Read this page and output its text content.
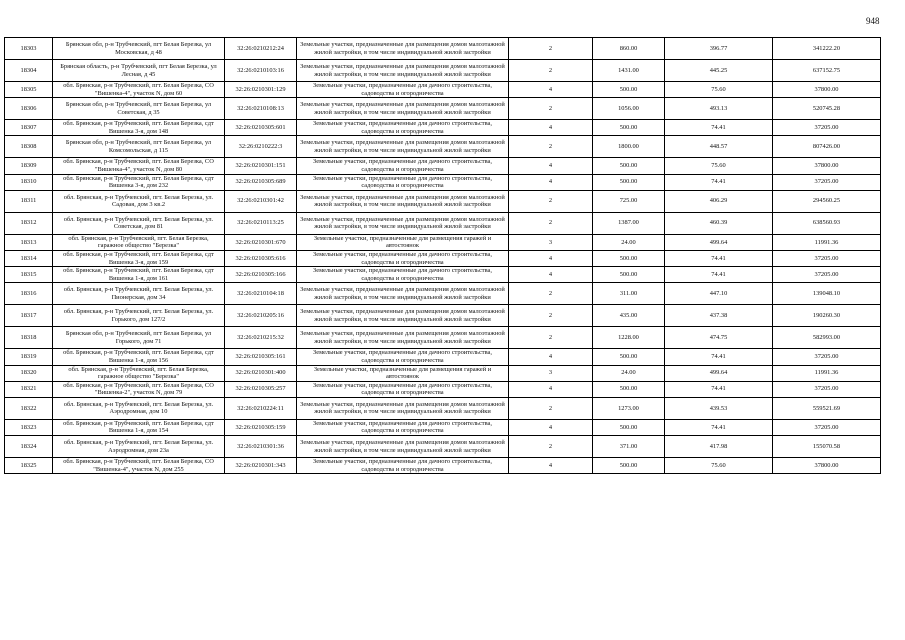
948
18303	Брянская обл, р-н Трубчевский, пгт Белая Березка, ул Московская, д 48	32:26:0210212:24	Земельные участки, предназначенные для размещения домов малоэтажной жилой застройки, в том числе индивидуальной жилой застройки	2	860.00	396.77	341222.20
18304	Брянская область, р-н Трубчевский, пгт Белая Березка, ул Лесная, д 45	32:26:0210103:16	Земельные участки, предназначенные для размещения домов малоэтажной жилой застройки, в том числе индивидуальной жилой застройки	2	1431.00	445.25	637152.75
18305	обл. Брянская, р-н Трубчевский, пгт. Белая Березка, СО "Вишенка-4", участок N, дом 60	32:26:0210301:129	Земельные участки, предназначенные для дачного строительства, садоводства и огородничества	4	500.00	75.60	37800.00
18306	Брянская обл, р-н Трубчевский, пгт Белая Березка, ул Советская, д 35	32:26:0210108:13	Земельные участки, предназначенные для размещения домов малоэтажной жилой застройки, в том числе индивидуальной жилой застройки	2	1056.00	493.13	520745.28
18307	обл. Брянская, р-н Трубчевский, пгт. Белая Березка, сдт Вишенка 3-я, дом 148	32:26:0210305:601	Земельные участки, предназначенные для дачного строительства, садоводства и огородничества	4	500.00	74.41	37205.00
18308	Брянская обл, р-н Трубчевский, пгт Белая Березка, ул Комсомольская, д 115	32:26:0210222:3	Земельные участки, предназначенные для размещения домов малоэтажной жилой застройки, в том числе индивидуальной жилой застройки	2	1800.00	448.57	807426.00
18309	обл. Брянская, р-н Трубчевский, пгт. Белая Березка, СО "Вишенка-4", участок N, дом 80	32:26:0210301:151	Земельные участки, предназначенные для дачного строительства, садоводства и огородничества	4	500.00	75.60	37800.00
18310	обл. Брянская, р-н Трубчевский, пгт. Белая Березка, сдт Вишенка 3-я, дом 232	32:26:0210305:689	Земельные участки, предназначенные для дачного строительства, садоводства и огородничества	4	500.00	74.41	37205.00
18311	обл. Брянская, р-н Трубчевский, пгт. Белая Березка, ул. Садовая, дом 3 кв.2	32:26:0210301:42	Земельные участки, предназначенные для размещения домов малоэтажной жилой застройки, в том числе индивидуальной жилой застройки	2	725.00	406.29	294560.25
18312	обл. Брянская, р-н Трубчевский, пгт. Белая Березка, ул. Советская, дом 81	32:26:0210113:25	Земельные участки, предназначенные для размещения домов малоэтажной жилой застройки, в том числе индивидуальной жилой застройки	2	1387.00	460.39	638560.93
18313	обл. Брянская, р-н Трубчевский, пгт. Белая Березка, гаражное общество "Березка"	32:26:0210301:670	Земельные участки, предназначенные для размещения гаражей и автостоянок	3	24.00	499.64	11991.36
18314	обл. Брянская, р-н Трубчевский, пгт. Белая Березка, сдт Вишенка 3-я, дом 159	32:26:0210305:616	Земельные участки, предназначенные для дачного строительства, садоводства и огородничества	4	500.00	74.41	37205.00
18315	обл. Брянская, р-н Трубчевский, пгт. Белая Березка, сдт Вишенка 1-я, дом 161	32:26:0210305:166	Земельные участки, предназначенные для дачного строительства, садоводства и огородничества	4	500.00	74.41	37205.00
18316	обл. Брянская, р-н Трубчевский, пгт. Белая Березка, ул. Пионерская, дом 34	32:26:0210104:18	Земельные участки, предназначенные для размещения домов малоэтажной жилой застройки, в том числе индивидуальной жилой застройки	2	311.00	447.10	139048.10
18317	обл. Брянская, р-н Трубчевский, пгт. Белая Березка, ул. Горького, дом 127/2	32:26:0210205:16	Земельные участки, предназначенные для размещения домов малоэтажной жилой застройки, в том числе индивидуальной жилой застройки	2	435.00	437.38	190260.30
18318	Брянская обл, р-н Трубчевский, пгт Белая Березка, ул Горького, дом 71	32:26:0210215:32	Земельные участки, предназначенные для размещения домов малоэтажной жилой застройки, в том числе индивидуальной жилой застройки	2	1228.00	474.75	582993.00
18319	обл. Брянская, р-н Трубчевский, пгт. Белая Березка, сдт Вишенка 1-я, дом 156	32:26:0210305:161	Земельные участки, предназначенные для дачного строительства, садоводства и огородничества	4	500.00	74.41	37205.00
18320	обл. Брянская, р-н Трубчевский, пгт. Белая Березка, гаражное общество "Березка"	32:26:0210301:400	Земельные участки, предназначенные для размещения гаражей и автостоянок	3	24.00	499.64	11991.36
18321	обл. Брянская, р-н Трубчевский, пгт. Белая Березка, СО "Вишенка-2", участок N, дом 79	32:26:0210305:257	Земельные участки, предназначенные для дачного строительства, садоводства и огородничества	4	500.00	74.41	37205.00
18322	обл. Брянская, р-н Трубчевский, пгт. Белая Березка, ул. Аэродромная, дом 10	32:26:0210224:11	Земельные участки, предназначенные для размещения домов малоэтажной жилой застройки, в том числе индивидуальной жилой застройки	2	1273.00	439.53	559521.69
18323	обл. Брянская, р-н Трубчевский, пгт. Белая Березка, сдт Вишенка 1-я, дом 154	32:26:0210305:159	Земельные участки, предназначенные для дачного строительства, садоводства и огородничества	4	500.00	74.41	37205.00
18324	обл. Брянская, р-н Трубчевский, пгт. Белая Березка, ул. Аэродромная, дом 23а	32:26:0210301:36	Земельные участки, предназначенные для размещения домов малоэтажной жилой застройки, в том числе индивидуальной жилой застройки	2	371.00	417.98	155070.58
18325	обл. Брянская, р-н Трубчевский, пгт. Белая Березка, СО "Вишенка-4", участок N, дом 255	32:26:0210301:343	Земельные участки, предназначенные для дачного строительства, садоводства и огородничества	4	500.00	75.60	37800.00
